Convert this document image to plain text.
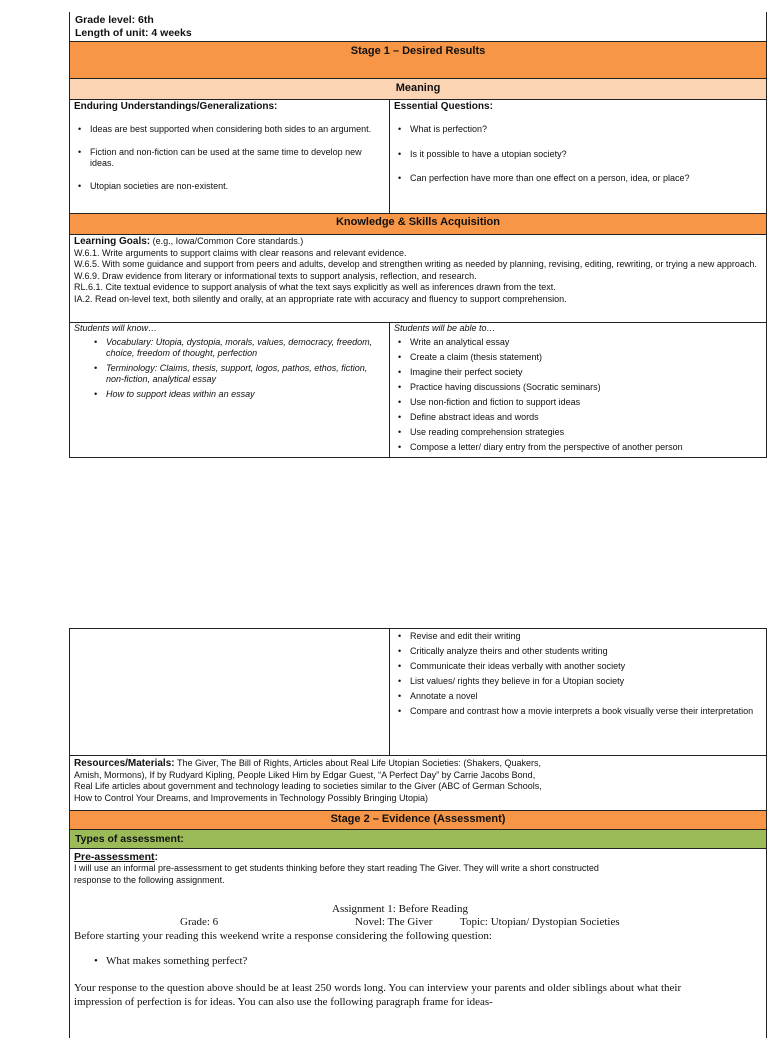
Grade level: 6th
Length of unit: 4 weeks
Stage 1 – Desired Results
Meaning
Enduring Understandings/Generalizations:
• Ideas are best supported when considering both sides to an argument.
• Fiction and non-fiction can be used at the same time to develop new ideas.
• Utopian societies are non-existent.
Essential Questions:
• What is perfection?
• Is it possible to have a utopian society?
• Can perfection have more than one effect on a person, idea, or place?
Knowledge & Skills Acquisition
Learning Goals: (e.g., Iowa/Common Core standards.)
W.6.1. Write arguments to support claims with clear reasons and relevant evidence.
W.6.5. With some guidance and support from peers and adults, develop and strengthen writing as needed by planning, revising, editing, rewriting, or trying a new approach.
W.6.9. Draw evidence from literary or informational texts to support analysis, reflection, and research.
RL.6.1. Cite textual evidence to support analysis of what the text says explicitly as well as inferences drawn from the text.
IA.2. Read on-level text, both silently and orally, at an appropriate rate with accuracy and fluency to support comprehension.
Students will know…
• Vocabulary: Utopia, dystopia, morals, values, democracy, freedom, choice, freedom of thought, perfection
• Terminology: Claims, thesis, support, logos, pathos, ethos, fiction, non-fiction, analytical essay
• How to support ideas within an essay
Students will be able to…
• Write an analytical essay
• Create a claim (thesis statement)
• Imagine their perfect society
• Practice having discussions (Socratic seminars)
• Use non-fiction and fiction to support ideas
• Define abstract ideas and words
• Use reading comprehension strategies
• Compose a letter/ diary entry from the perspective of another person
• Revise and edit their writing
• Critically analyze theirs and other students writing
• Communicate their ideas verbally with another society
• List values/ rights they believe in for a Utopian society
• Annotate a novel
• Compare and contrast how a movie interprets a book visually verse their interpretation
Resources/Materials: The Giver, The Bill of Rights, Articles about Real Life Utopian Societies: (Shakers, Quakers,
Amish, Mormons), If by Rudyard Kipling, People Liked Him by Edgar Guest, “A Perfect Day” by Carrie Jacobs Bond,
Real Life articles about government and technology leading to societies similar to the Giver (ABC of German Schools,
How to Control Your Dreams, and Improvements in Technology Possibly Bringing Utopia)
Stage 2 – Evidence (Assessment)
Types of assessment:
Pre-assessment:
I will use an informal pre-assessment to get students thinking before they start reading The Giver. They will write a short constructed
response to the following assignment.
Assignment 1: Before Reading
Grade: 6	Novel: The Giver	Topic: Utopian/ Dystopian Societies
Before starting your reading this weekend write a response considering the following question:
• What makes something perfect?
Your response to the question above should be at least 250 words long. You can interview your parents and older siblings about what their
impression of perfection is for ideas. You can also use the following paragraph frame for ideas-
